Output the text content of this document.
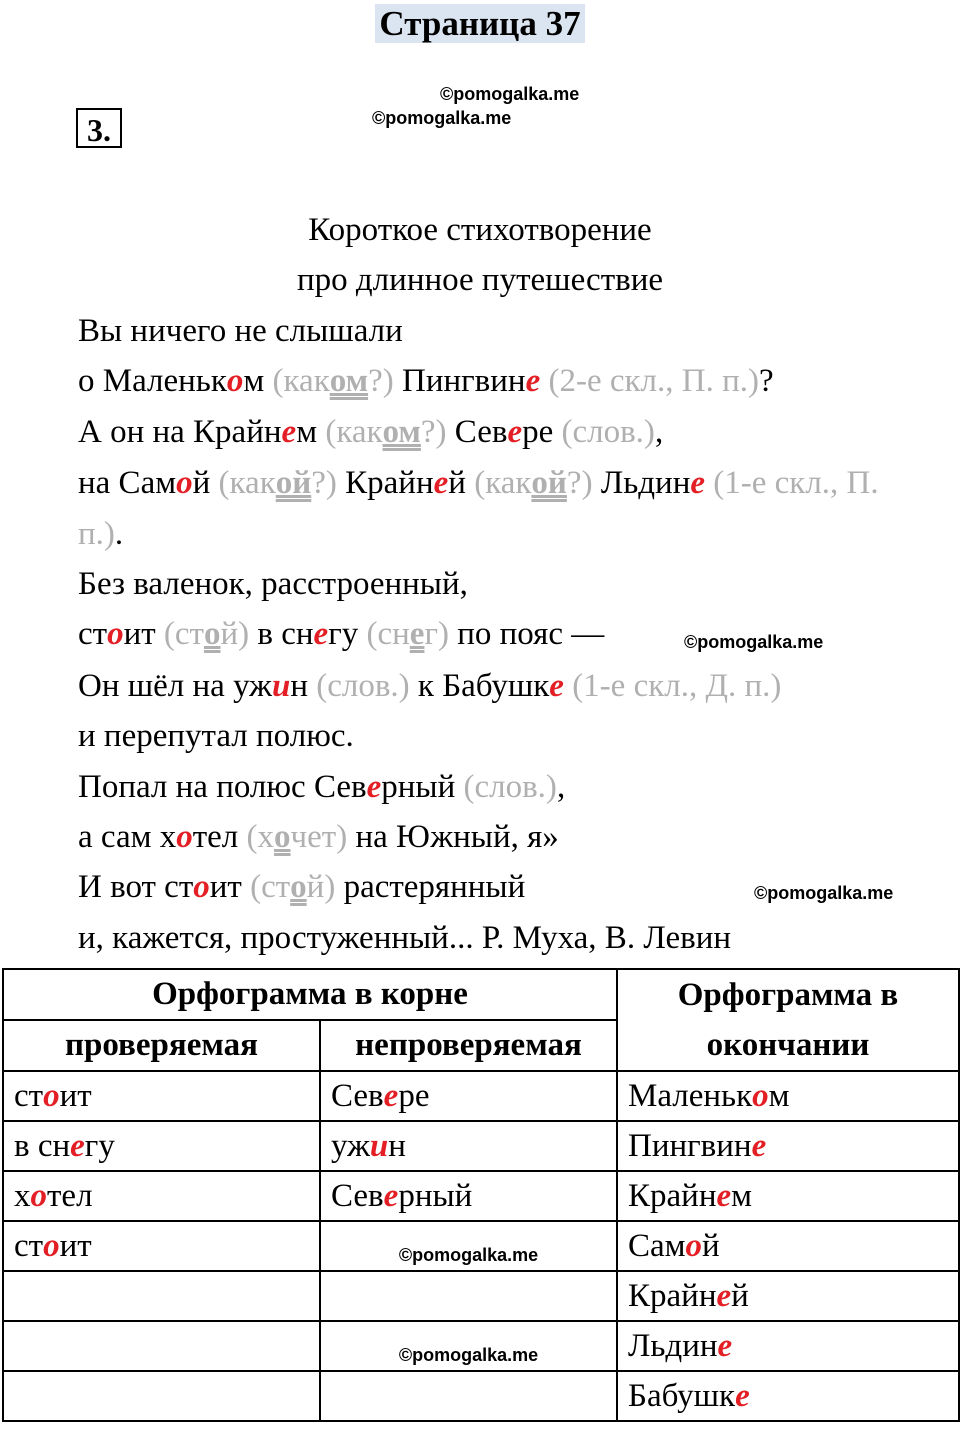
Страница 37
©pomogalka.me
©pomogalka.me
3.
Короткое стихотворение
про длинное путешествие
Вы ничего не слышали
о Маленьком (каком?) Пингвине (2-е скл., П. п.)?
А он на Крайнем (каком?) Севере (слов.),
на Самой (какой?) Крайней (какой?) Льдине (1-е скл., П.
п.).
Без валенок, расстроенный,
стоит (стой) в снегу (снег) по пояс —	©pomogalka.me
Он шёл на ужин (слов.) к Бабушке (1-е скл., Д. п.)
и перепутал полюс.
Попал на полюс Северный (слов.),
а сам хотел (хочет) на Южный, я»
И вот стоит (стой) растерянный	©pomogalka.me
и, кажется, простуженный... Р. Муха, В. Левин
Орфограмма в корне		Орфограмма в
окончании
проверяемая	непроверяемая	
стоит	Севере	Маленьком
в снегу	ужин	Пингвине
хотел	Северный	Крайнем
стоит	©pomogalka.me	Самой
		Крайней
	©pomogalka.me	Льдине
		Бабушке
